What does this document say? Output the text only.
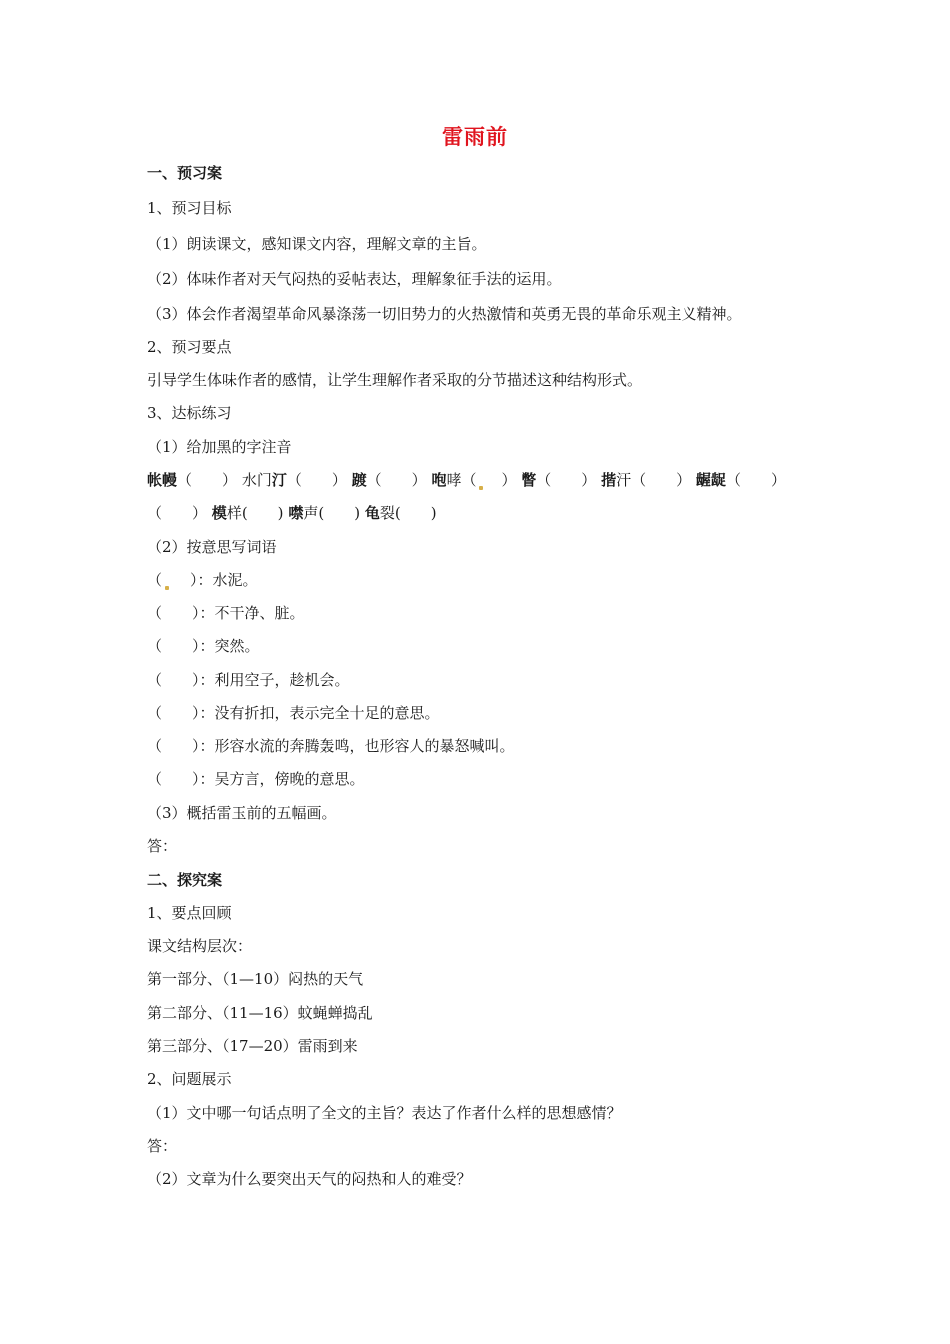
雷雨前
一、预习案
1、预习目标
（1）朗读课文，感知课文内容，理解文章的主旨。
（2）体味作者对天气闷热的妥帖表达，理解象征手法的运用。
（3）体会作者渴望革命风暴涤荡一切旧势力的火热激情和英勇无畏的革命乐观主义精神。
2、预习要点
引导学生体味作者的感情，让学生理解作者采取的分节描述这种结构形式。
3、达标练习
（1）给加黑的字注音
帐幔（　　） 水门汀（　　） 踱（　　） 咆哮（　） 瞥（　　） 揩汗（　　） 龌龊（　　）
（　　） 模样(　　) 噤声(　　) 龟裂(　　)
（2）按意思写词语
（ ）：水泥。
（　　）：不干净、脏。
（　　）：突然。
（　　）：利用空子，趁机会。
（　　）：没有折扣，表示完全十足的意思。
（　　）：形容水流的奔腾轰鸣，也形容人的暴怒喊叫。
（　　）：吴方言，傍晚的意思。
（3）概括雷玉前的五幅画。
答：
二、探究案
1、要点回顾
课文结构层次：
第一部分、（1—10）闷热的天气
第二部分、（11—16）蚊蝇蝉捣乱
第三部分、（17—20）雷雨到来
2、问题展示
（1）文中哪一句话点明了全文的主旨？表达了作者什么样的思想感情？
答：
（2）文章为什么要突出天气的闷热和人的难受？
